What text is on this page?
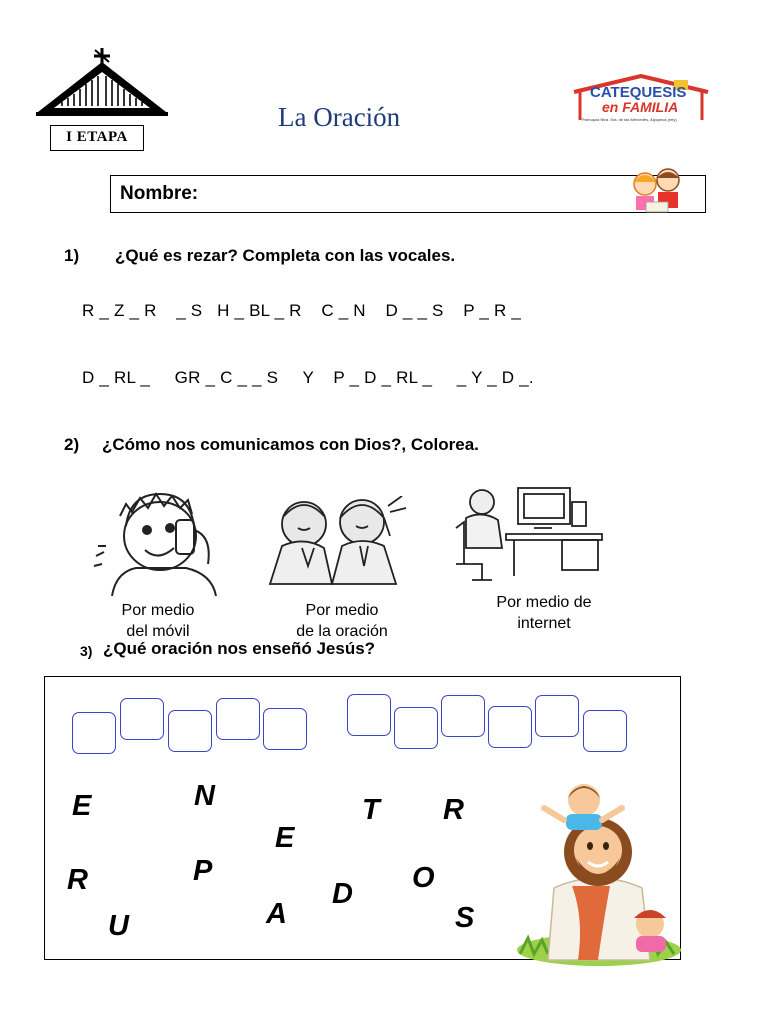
I ETAPA
La Oración
CATEQUESIS
en FAMILIA
Parroquia Ntra. Sra. de las Mercedes, Alpuyeca (mty)
Nombre:
1) ¿Qué es rezar? Completa con las vocales.
R _ Z _ R    _ S   H _ BL _ R    C _ N    D _ _ S    P _ R _
D _ RL _     GR _ C _ _ S     Y    P _ D _ RL _     _ Y _ D _.
2) ¿Cómo nos comunicamos con Dios?, Colorea.
Por medio
del móvil
Por medio
de la oración
Por medio de
internet
3) ¿Qué oración nos enseñó Jesús?
E	N	T R
E
R	P	O
D
A	S
U
